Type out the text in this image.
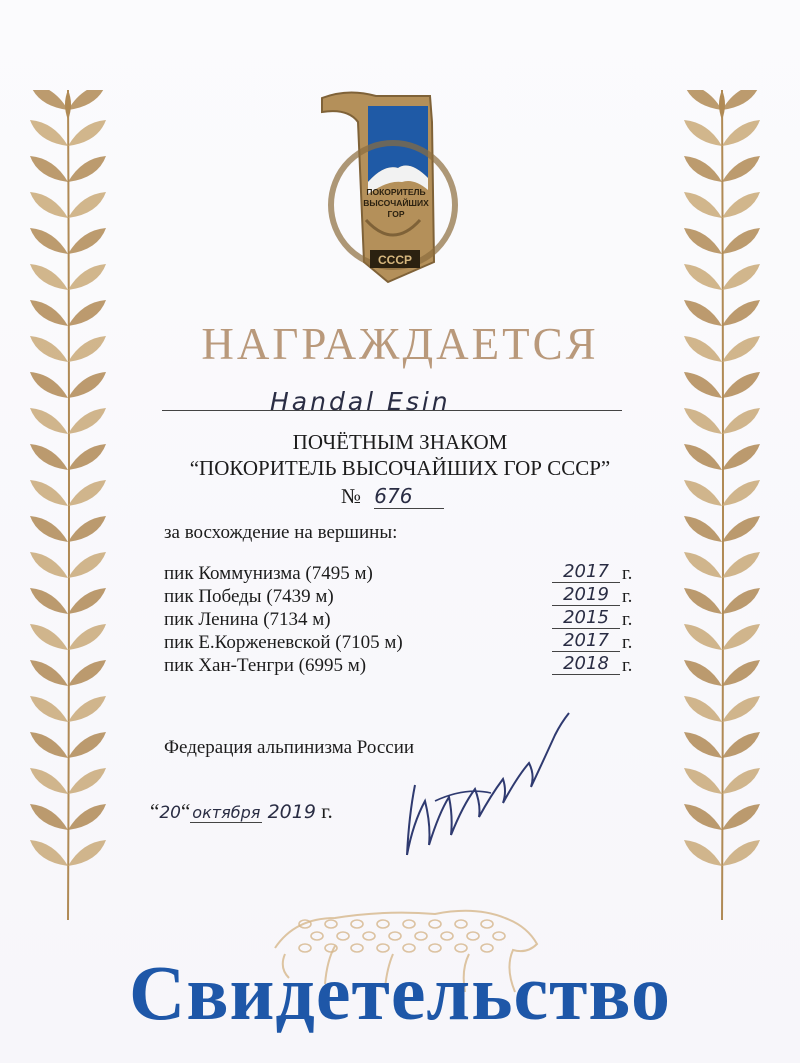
ПОКОРИТЕЛЬ
ВЫСОЧАЙШИХ
ГОР
СССР
НАГРАЖДАЕТСЯ
Handal Esin
ПОЧЁТНЫМ ЗНАКОМ
“ПОКОРИТЕЛЬ ВЫСОЧАЙШИХ ГОР СССР”
№ 676
за восхождение на вершины:
пик Коммунизма (7495 м)	2017 г.
пик Победы (7439 м)	2019 г.
пик Ленина (7134 м)	2015 г.
пик Е.Корженевской (7105 м)	2017 г.
пик Хан-Тенгри (6995 м)	2018 г.
Федерация альпинизма России
“20“ октября 2019 г.
Свидетельство
